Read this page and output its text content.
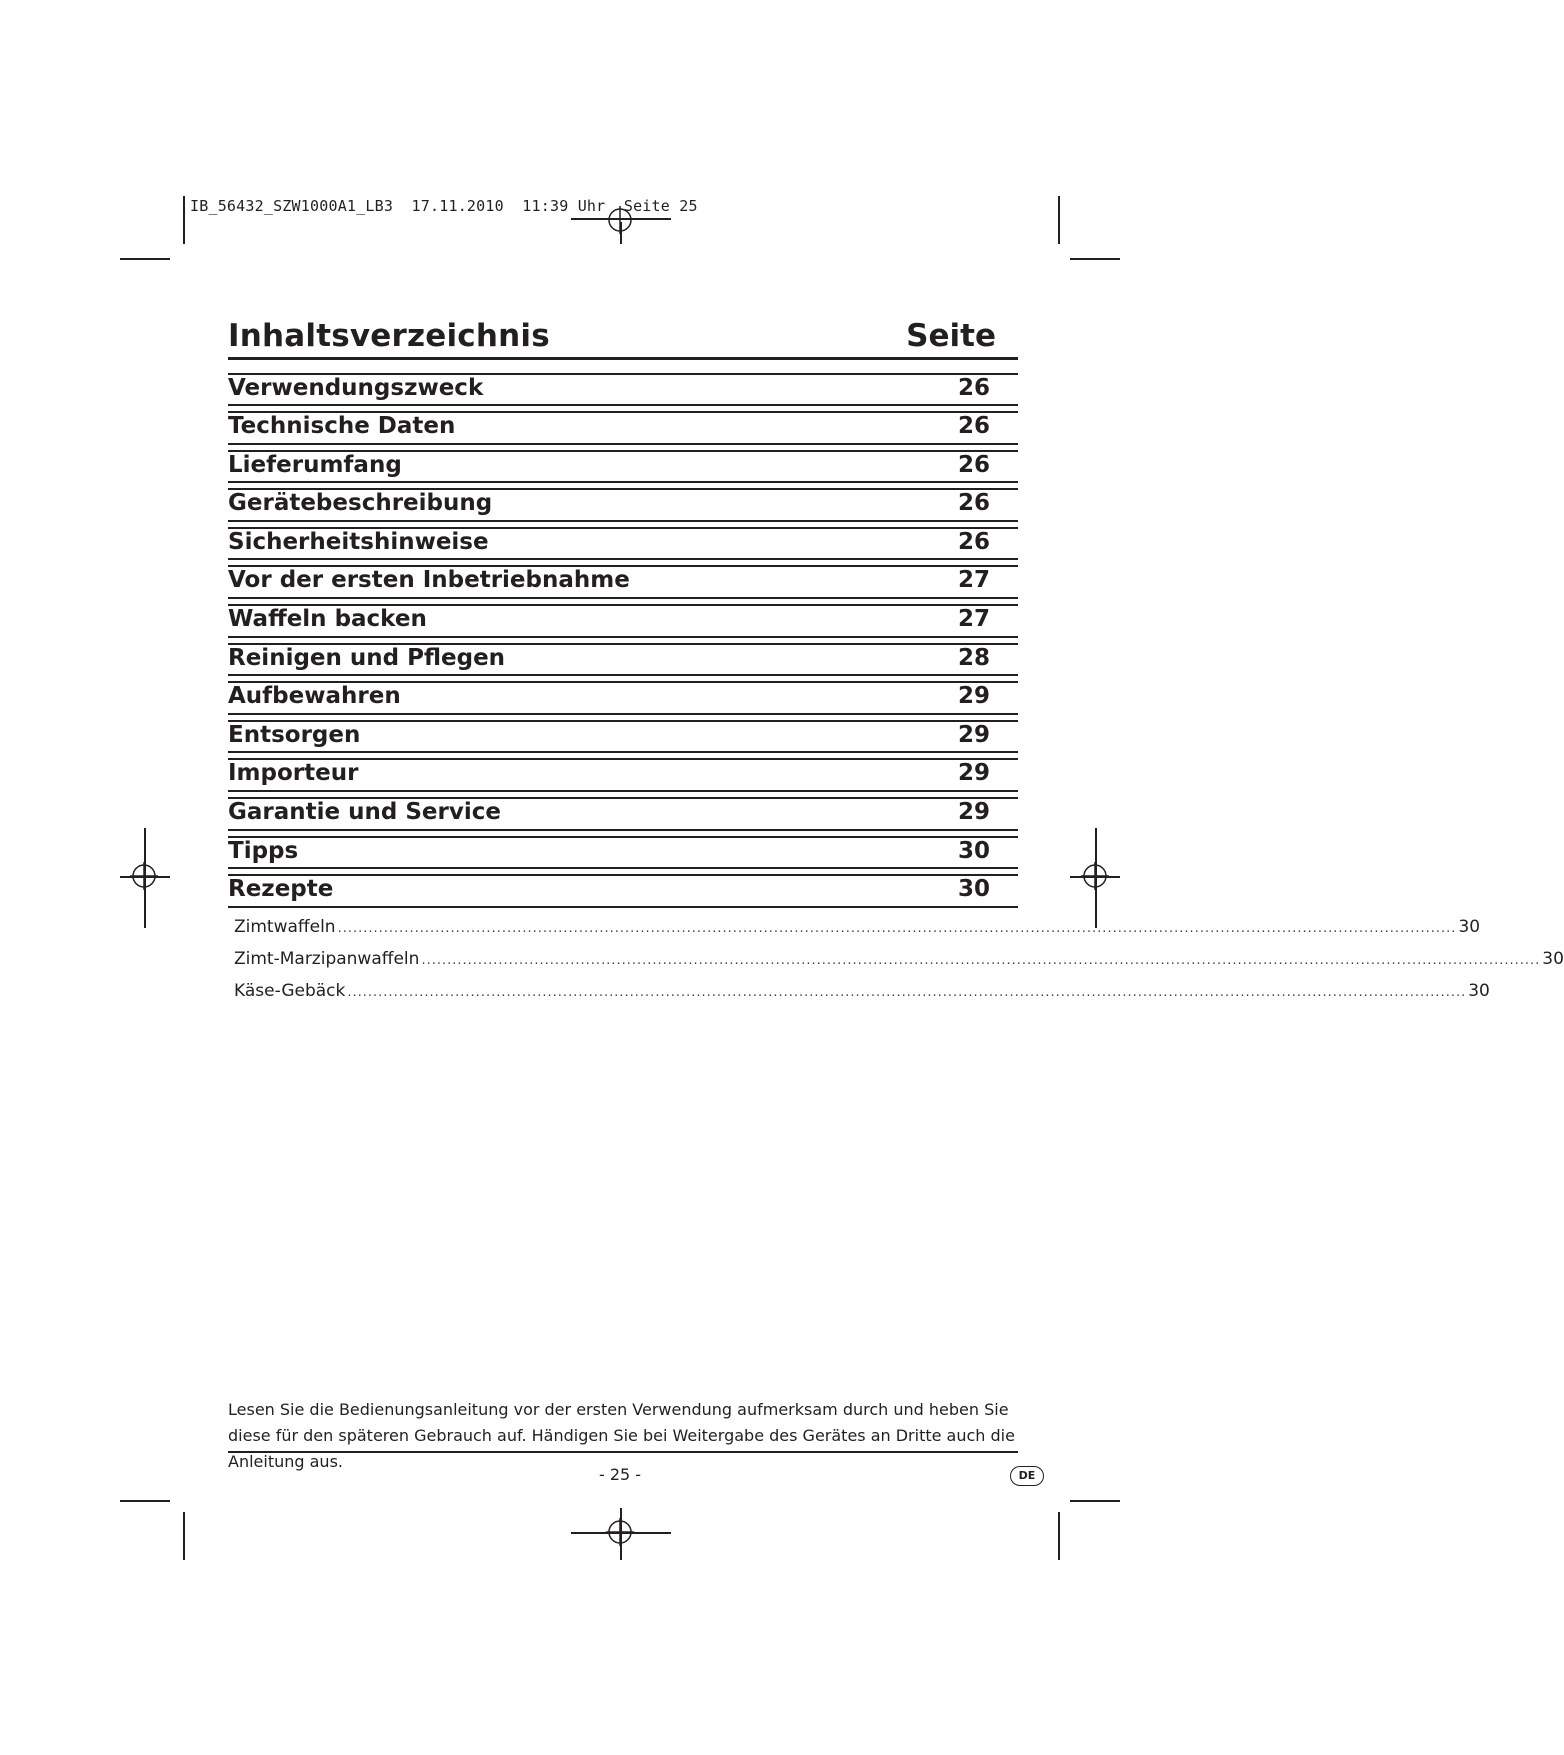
IB_56432_SZW1000A1_LB3  17.11.2010  11:39 Uhr  Seite 25
Inhaltsverzeichnis	Seite
Verwendungszweck	26
Technische Daten	26
Lieferumfang	26
Gerätebeschreibung	26
Sicherheitshinweise	26
Vor der ersten Inbetriebnahme	27
Waffeln backen	27
Reinigen und Pflegen	28
Aufbewahren	29
Entsorgen	29
Importeur	29
Garantie und Service	29
Tipps	30
Rezepte	30
Zimtwaffeln .......................................................................................................................................................................................................................... 30
Zimt-Marzipanwaffeln .......................................................................................................................................................................................................................... 30
Käse-Gebäck .......................................................................................................................................................................................................................... 30
Lesen Sie die Bedienungsanleitung vor der ersten Verwendung aufmerksam durch und heben Sie diese für den späteren Gebrauch auf. Händigen Sie bei Weitergabe des Gerätes an Dritte auch die Anleitung aus.
- 25 -	DE
